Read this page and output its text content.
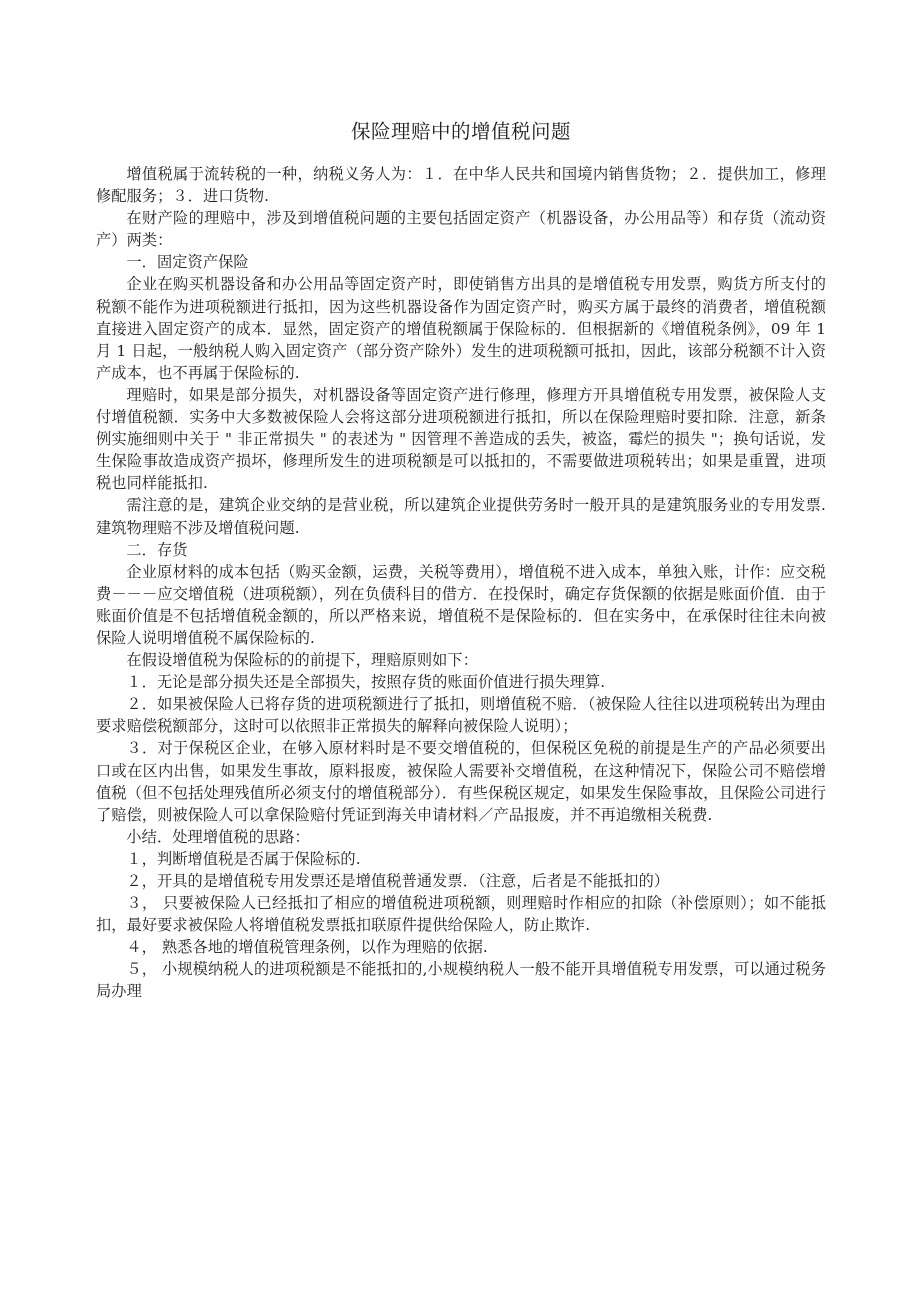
保险理赔中的增值税问题

增值税属于流转税的一种，纳税义务人为：１．在中华人民共和国境内销售货物；２．提供加工，修理修配服务；３．进口货物.

在财产险的理赔中，涉及到增值税问题的主要包括固定资产（机器设备，办公用品等）和存货（流动资产）两类：

一．固定资产保险

企业在购买机器设备和办公用品等固定资产时，即使销售方出具的是增值税专用发票，购货方所支付的税额不能作为进项税额进行抵扣，因为这些机器设备作为固定资产时，购买方属于最终的消费者，增值税额直接进入固定资产的成本．显然，固定资产的增值税额属于保险标的．但根据新的《增值税条例》，09 年 1 月 1 日起，一般纳税人购入固定资产（部分资产除外）发生的进项税额可抵扣，因此，该部分税额不计入资产成本，也不再属于保险标的.

理赔时，如果是部分损失，对机器设备等固定资产进行修理，修理方开具增值税专用发票，被保险人支付增值税额．实务中大多数被保险人会将这部分进项税额进行抵扣，所以在保险理赔时要扣除．注意，新条例实施细则中关于 " 非正常损失 " 的表述为 " 因管理不善造成的丢失，被盗，霉烂的损失 "；换句话说，发生保险事故造成资产损坏，修理所发生的进项税额是可以抵扣的，不需要做进项税转出；如果是重置，进项税也同样能抵扣.

需注意的是，建筑企业交纳的是营业税，所以建筑企业提供劳务时一般开具的是建筑服务业的专用发票.建筑物理赔不涉及增值税问题.

二．存货

企业原材料的成本包括（购买金额，运费，关税等费用），增值税不进入成本，单独入账，计作：应交税费－－－应交增值税（进项税额），列在负债科目的借方．在投保时，确定存货保额的依据是账面价值．由于账面价值是不包括增值税金额的，所以严格来说，增值税不是保险标的．但在实务中，在承保时往往未向被保险人说明增值税不属保险标的.

在假设增值税为保险标的的前提下，理赔原则如下：

１．无论是部分损失还是全部损失，按照存货的账面价值进行损失理算.

２．如果被保险人已将存货的进项税额进行了抵扣，则增值税不赔．（被保险人往往以进项税转出为理由要求赔偿税额部分，这时可以依照非正常损失的解释向被保险人说明）；

３．对于保税区企业，在够入原材料时是不要交增值税的，但保税区免税的前提是生产的产品必须要出口或在区内出售，如果发生事故，原料报废，被保险人需要补交增值税，在这种情况下，保险公司不赔偿增值税（但不包括处理残值所必须支付的增值税部分）．有些保税区规定，如果发生保险事故，且保险公司进行了赔偿，则被保险人可以拿保险赔付凭证到海关申请材料／产品报废，并不再追缴相关税费.

小结．处理增值税的思路：

１，判断增值税是否属于保险标的.

２，开具的是增值税专用发票还是增值税普通发票．（注意，后者是不能抵扣的）

３， 只要被保险人已经抵扣了相应的增值税进项税额，则理赔时作相应的扣除（补偿原则）；如不能抵扣，最好要求被保险人将增值税发票抵扣联原件提供给保险人，防止欺诈.

４， 熟悉各地的增值税管理条例，以作为理赔的依据.

５， 小规模纳税人的进项税额是不能抵扣的,小规模纳税人一般不能开具增值税专用发票，可以通过税务局办理
